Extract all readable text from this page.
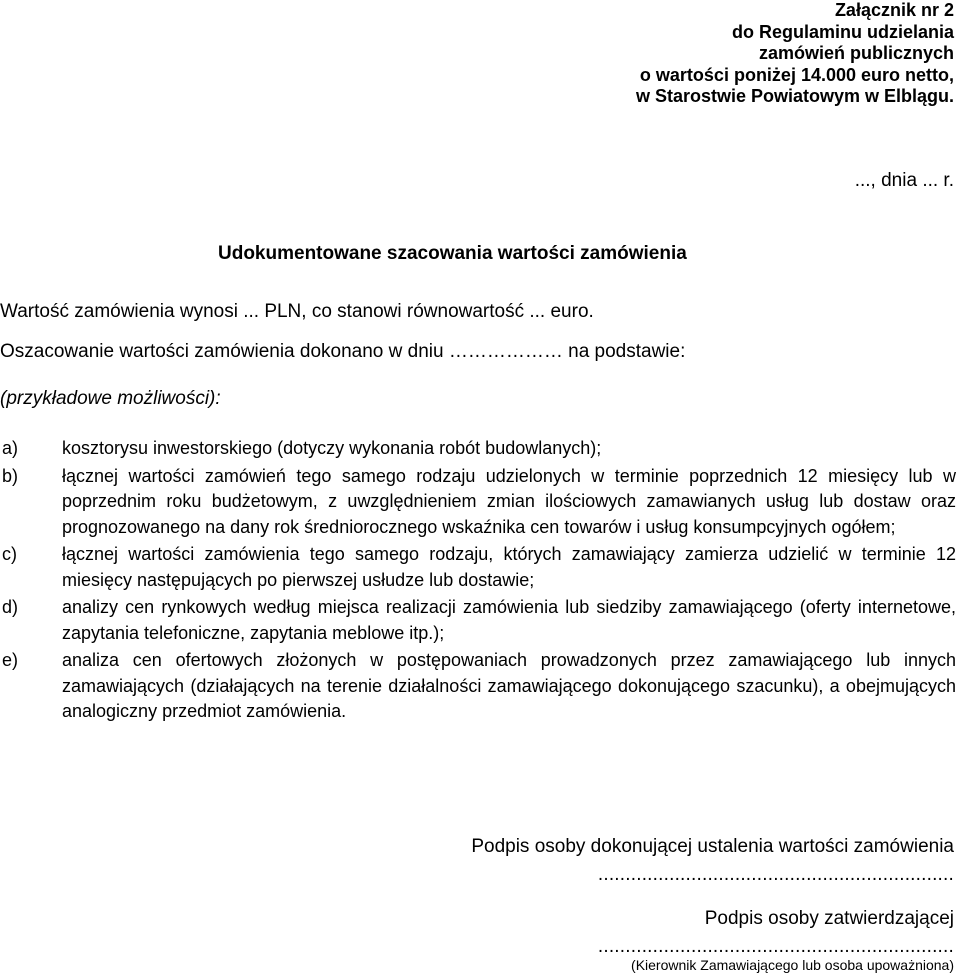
Załącznik nr 2
do Regulaminu udzielania
zamówień publicznych
o wartości poniżej 14.000 euro netto,
w Starostwie Powiatowym w Elblągu.
..., dnia ... r.
Udokumentowane szacowania wartości zamówienia
Wartość zamówienia wynosi ... PLN, co stanowi równowartość ... euro.
Oszacowanie wartości zamówienia dokonano w dniu ……………… na podstawie:
(przykładowe możliwości):
a)	kosztorysu inwestorskiego (dotyczy wykonania robót budowlanych);
b)	łącznej wartości zamówień tego samego rodzaju udzielonych w terminie poprzednich 12 miesięcy lub w poprzednim roku budżetowym, z uwzględnieniem zmian ilościowych zamawianych usług lub dostaw oraz prognozowanego na dany rok średniorocznego wskaźnika cen towarów i usług konsumpcyjnych ogółem;
c)	łącznej wartości zamówienia tego samego rodzaju, których zamawiający zamierza udzielić w terminie 12 miesięcy następujących po pierwszej usłudze lub dostawie;
d)	analizy cen rynkowych według miejsca realizacji zamówienia lub siedziby zamawiającego (oferty internetowe, zapytania telefoniczne, zapytania meblowe itp.);
e)	analiza cen ofertowych złożonych w postępowaniach prowadzonych przez zamawiającego lub innych zamawiających (działających na terenie działalności zamawiającego dokonującego szacunku), a obejmujących analogiczny przedmiot zamówienia.
Podpis osoby dokonującej ustalenia wartości zamówienia
.................................................................
Podpis osoby zatwierdzającej
.................................................................
(Kierownik Zamawiającego lub osoba upoważniona)
